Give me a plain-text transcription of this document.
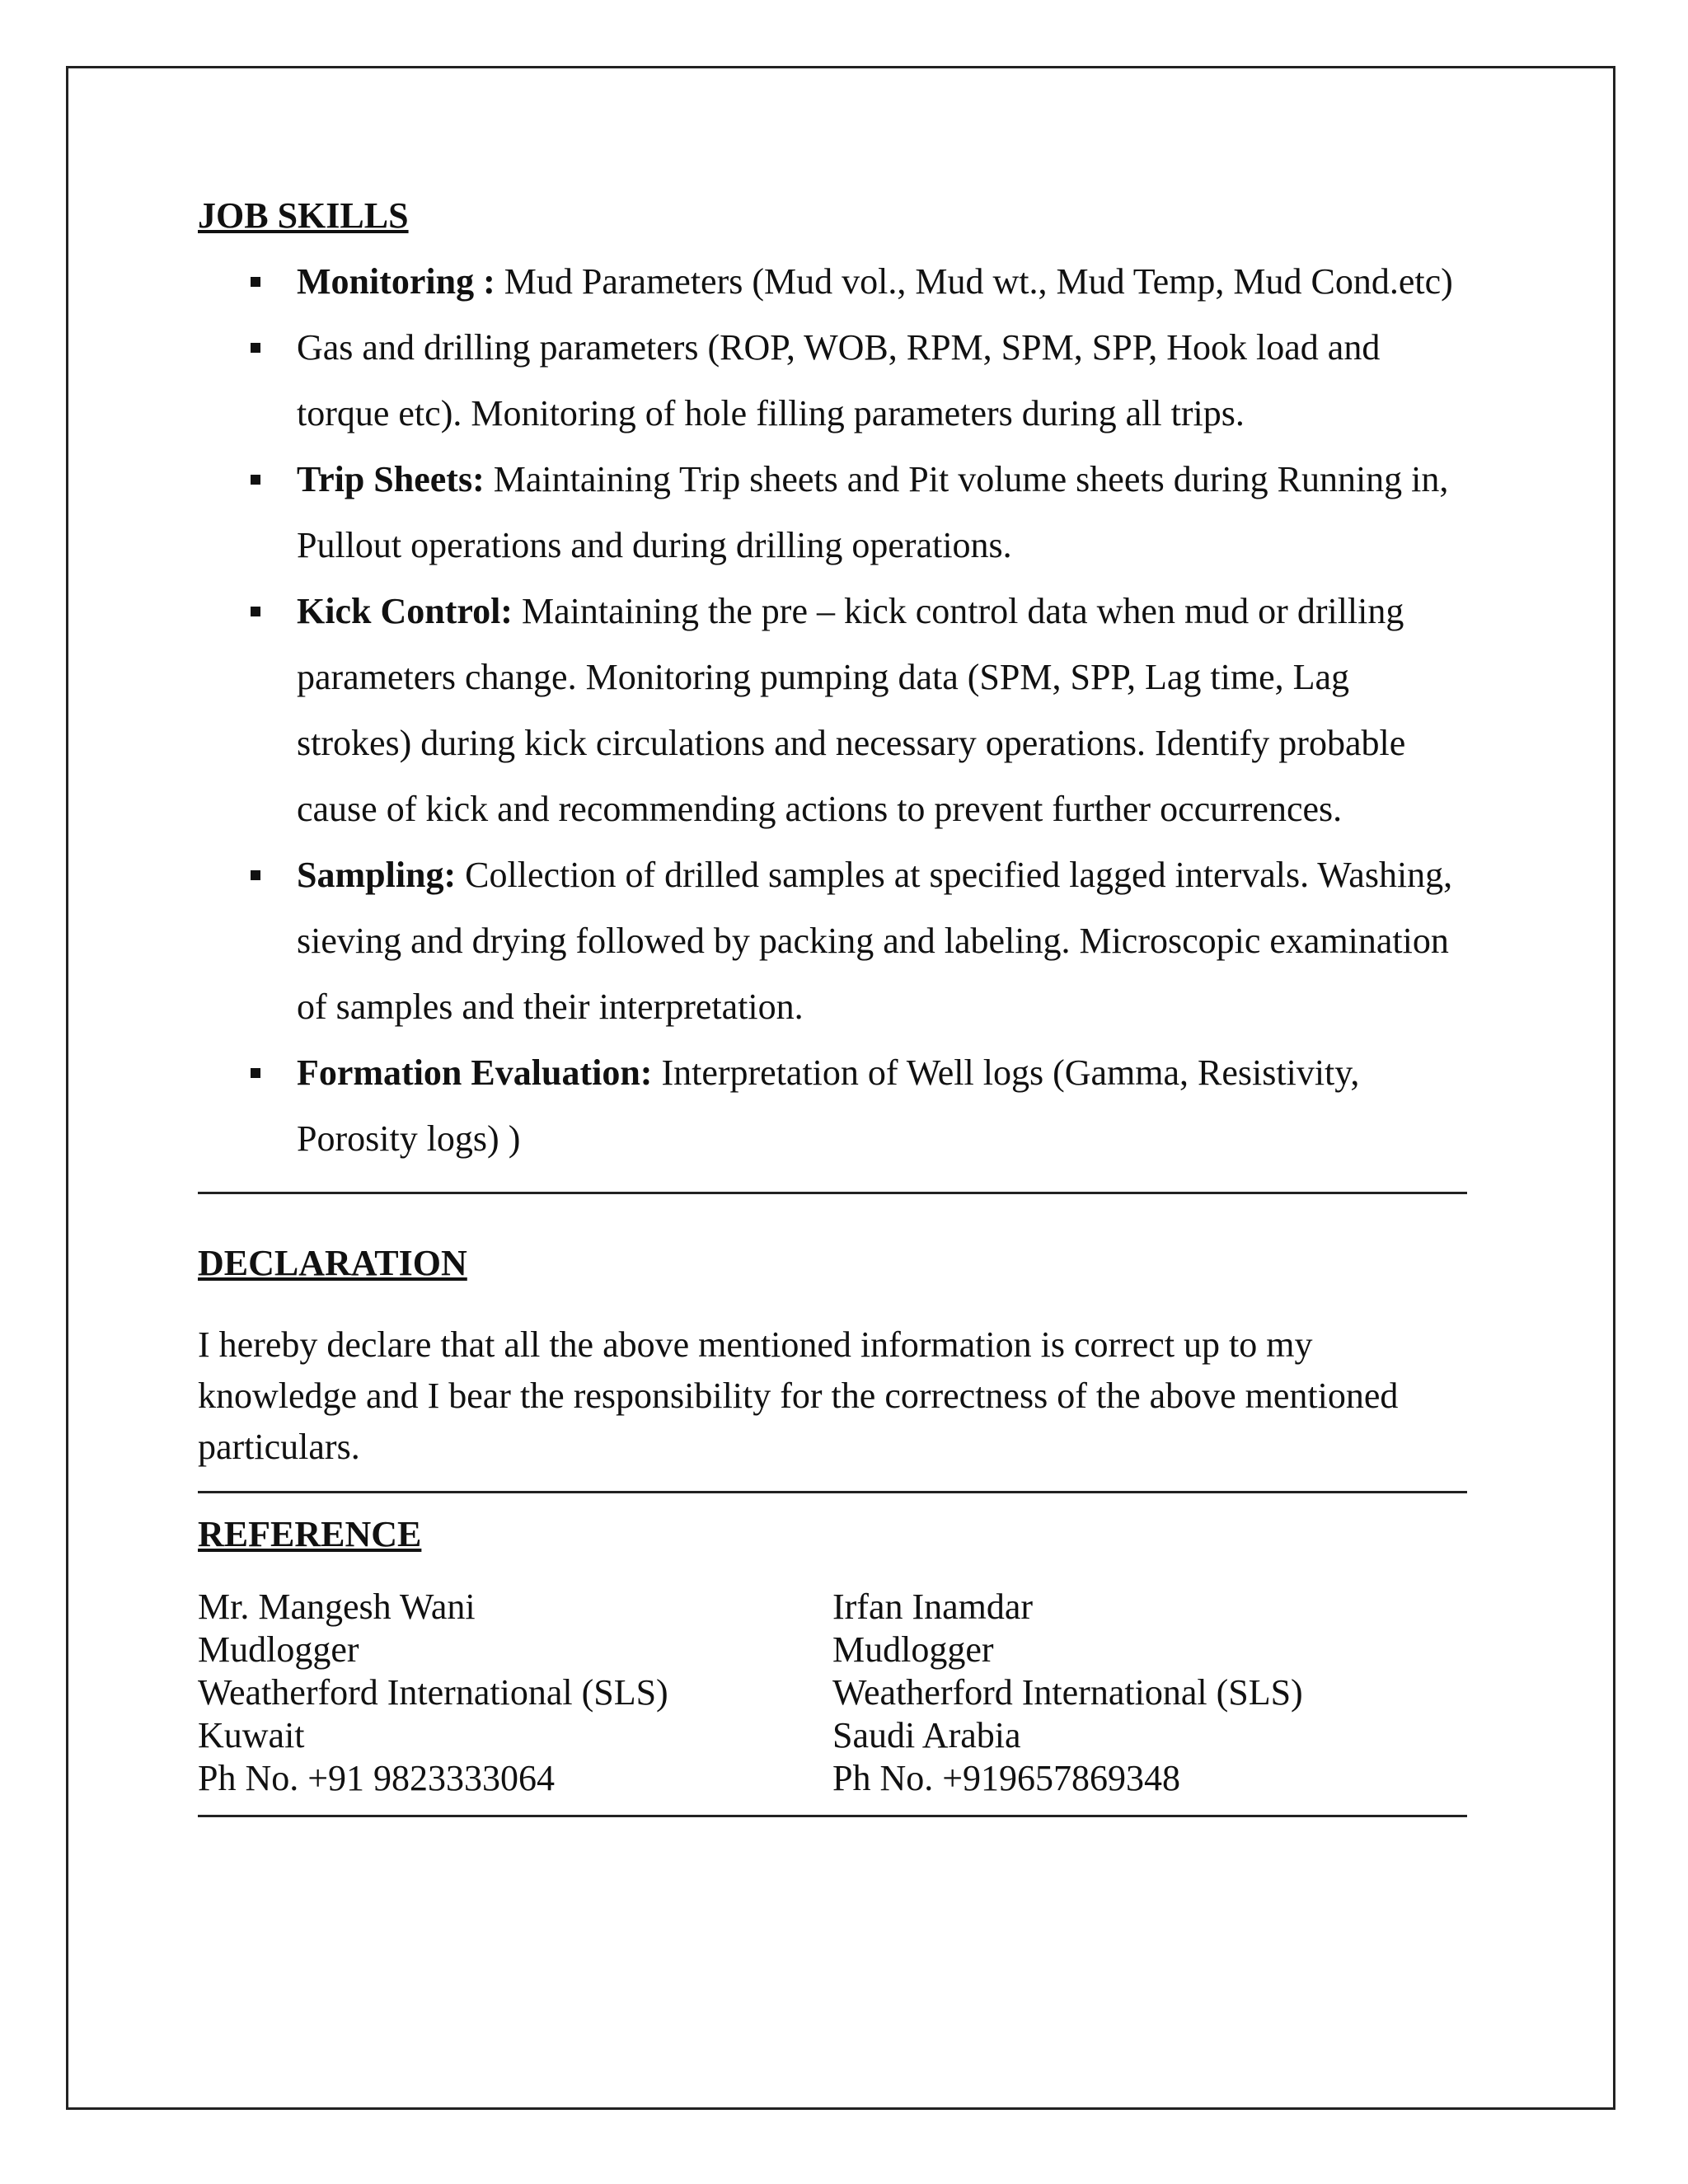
JOB SKILLS

Monitoring : Mud Parameters (Mud vol., Mud wt., Mud Temp, Mud Cond.etc)
Gas and drilling parameters (ROP, WOB, RPM, SPM, SPP, Hook load and torque etc). Monitoring of hole filling parameters during all trips.
Trip Sheets: Maintaining Trip sheets and Pit volume sheets during Running in, Pullout operations and during drilling operations.
Kick Control: Maintaining the pre – kick control data when mud or drilling parameters change. Monitoring pumping data (SPM, SPP, Lag time, Lag strokes) during kick circulations and necessary operations. Identify probable cause of kick and recommending actions to prevent further occurrences.
Sampling: Collection of drilled samples at specified lagged intervals. Washing, sieving and drying followed by packing and labeling. Microscopic examination of samples and their interpretation.
Formation Evaluation: Interpretation of Well logs (Gamma, Resistivity, Porosity logs) )

DECLARATION

I hereby declare that all the above mentioned information is correct up to my knowledge and I bear the responsibility for the correctness of the above mentioned particulars.

REFERENCE

Mr. Mangesh Wani
Mudlogger
Weatherford International (SLS)
Kuwait
Ph No. +91 9823333064
Irfan Inamdar
Mudlogger
Weatherford International (SLS)
Saudi Arabia
Ph No. +919657869348
